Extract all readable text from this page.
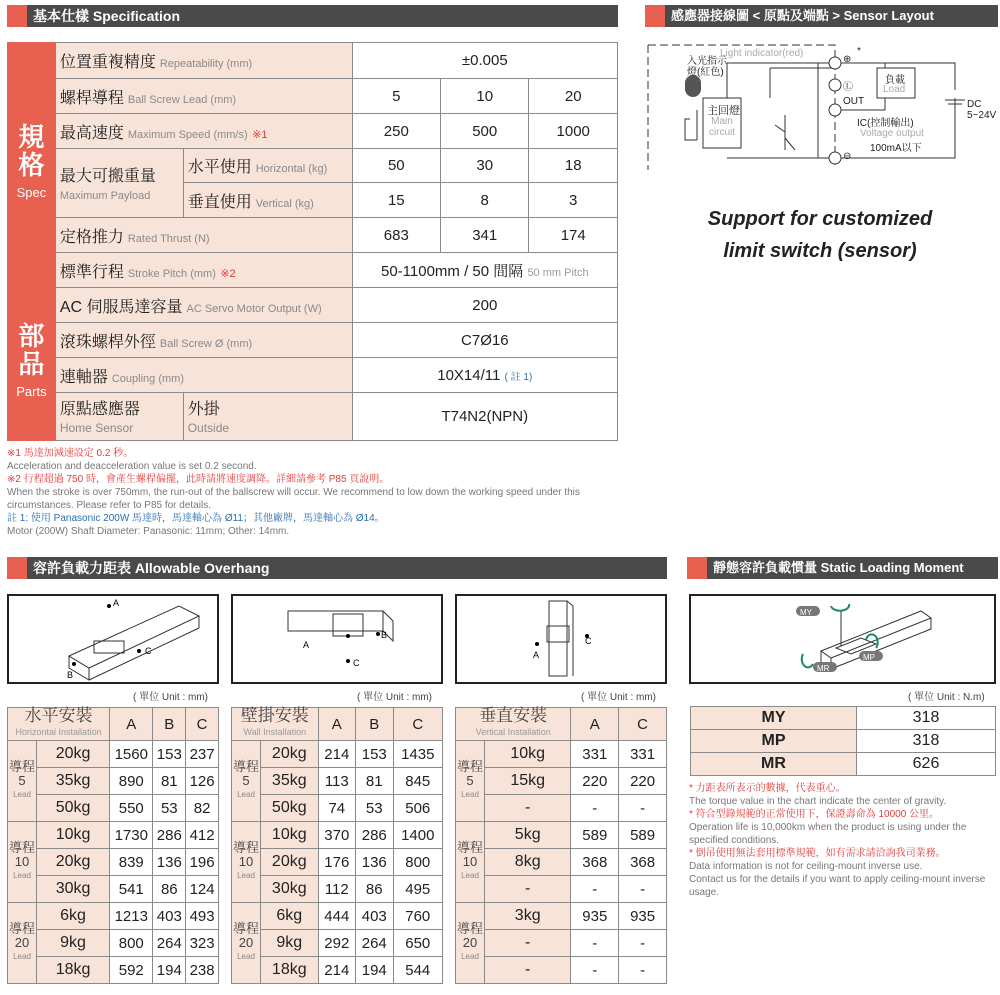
基本仕樣 Specification
規格
Spec	位置重複精度 Repeatability (mm)		±0.005		
	螺桿導程 Ball Screw Lead (mm)		5	10	20
	最高速度 Maximum Speed (mm/s) ※1		250	500	1000
	最大可搬重量
Maximum Payload	水平使用 Horizontal (kg)	50	30	18
		垂直使用 Vertical (kg)	15	8	3
	定格推力 Rated Thrust (N)		683	341	174
	標準行程 Stroke Pitch (mm) ※2		50-1100mm / 50 間隔 50 mm Pitch		
部品
Parts	AC 伺服馬達容量 AC Servo Motor Output (W)		200		
	滾珠螺桿外徑 Ball Screw Ø (mm)		C7Ø16		
	連軸器 Coupling (mm)		10X14/11 ( 註 1)		
	原點感應器
Home Sensor	外掛
Outside	T74N2(NPN)		
※1 馬達加減速設定 0.2 秒。
Acceleration and deacceleration value is set 0.2 second.
※2 行程超過 750 時，會產生螺桿偏擺，此時請將速度調降。詳細請參考 P85 頁說明。
When the stroke is over 750mm, the run-out of the ballscrew will occur. We recommend to low down the working speed under this circumstances. Please refer to P85 for details.
註 1: 使用 Panasonic 200W 馬達時，馬達軸心為 Ø11；其他廠牌，馬達軸心為 Ø14。
Motor (200W) Shaft Diameter: Panasonic: 11mm; Other: 14mm.
感應器接線圖 < 原點及端點 > Sensor Layout
Light indicator(red)
入光指示燈(紅色)
主回燈
Main circuit
負載
Load
⊕
*
Ⓛ
OUT
⊖
IC(控制輸出)
Voltage output
100mA以下
DC
5~24V
Support for customized
limit switch (sensor)
容許負載力距表 Allowable Overhang
A
C
B
A
C
B
C
A
( 單位 Unit : mm)	( 單位 Unit : mm)	( 單位 Unit : mm)
水平安裝
Horizontal Installation		A	B	C
導程
5
Lead	20kg	1560	153	237
	35kg	890	81	126
	50kg	550	53	82
導程
10
Lead	10kg	1730	286	412
	20kg	839	136	196
	30kg	541	86	124
導程
20
Lead	6kg	1213	403	493
	9kg	800	264	323
	18kg	592	194	238
壁掛安裝
Wall Installation		A	B	C
導程
5
Lead	20kg	214	153	1435
	35kg	113	81	845
	50kg	74	53	506
導程
10
Lead	10kg	370	286	1400
	20kg	176	136	800
	30kg	112	86	495
導程
20
Lead	6kg	444	403	760
	9kg	292	264	650
	18kg	214	194	544
垂直安裝
Vertical Installation		A	C
導程
5
Lead	10kg	331	331
	15kg	220	220
	-	-	-
導程
10
Lead	5kg	589	589
	8kg	368	368
	-	-	-
導程
20
Lead	3kg	935	935
	-	-	-
	-	-	-
靜態容許負載慣量 Static Loading Moment
MY
MP
MR
( 單位 Unit : N.m)
MY	318
MP	318
MR	626
* 力距表所表示的數據，代表重心。
The torque value in the chart indicate the center of gravity.
* 符合型錄規範的正常使用下，保證壽命為 10000 公里。
Operation life is 10,000km when the product is using under the specified conditions.
* 倒吊使用無法套用標準規範，如有需求請洽詢我司業務。
Data information is not for ceiling-mount inverse use.
Contact us for the details if you want to apply ceiling-mount inverse usage.
